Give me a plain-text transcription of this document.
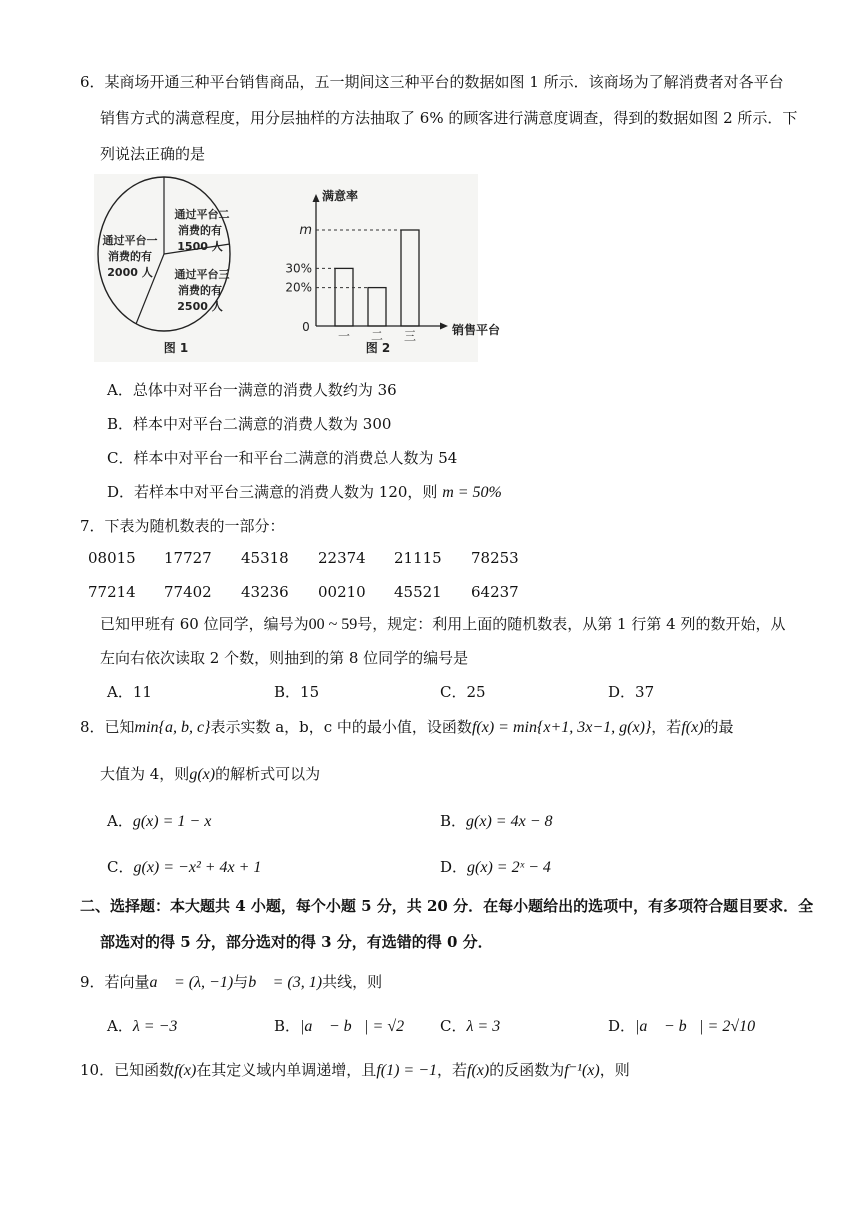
6．某商场开通三种平台销售商品，五一期间这三种平台的数据如图 1 所示．该商场为了解消费者对各平台
销售方式的满意程度，用分层抽样的方法抽取了 6% 的顾客进行满意度调查，得到的数据如图 2 所示．下
列说法正确的是
通过平台二
消费的有
1500 人
通过平台一
消费的有
2000 人 通过平台三
消费的有
2500 人
图 1
满意率
销售平台
0
30%
一
20%
二
m
三
图 2
A．总体中对平台一满意的消费人数约为 36
B．样本中对平台二满意的消费人数为 300
C．样本中对平台一和平台二满意的消费总人数为 54
D．若样本中对平台三满意的消费人数为 120，则 m = 50%
7．下表为随机数表的一部分：
08015 17727 45318 22374 21115 78253
77214 77402 43236 00210 45521 64237
已知甲班有 60 位同学，编号为00 ~ 59号，规定：利用上面的随机数表，从第 1 行第 4 列的数开始，从
左向右依次读取 2 个数，则抽到的第 8 位同学的编号是
A．11	B．15	C．25	D．37
8．已知min{a, b, c}表示实数 a，b，c 中的最小值，设函数f(x) = min{x+1, 3x−1, g(x)}，若f(x)的最
大值为 4，则g(x)的解析式可以为
A．g(x) = 1 − x	B．g(x) = 4x − 8
C．g(x) = −x² + 4x + 1	D．g(x) = 2ˣ − 4
二、选择题：本大题共 4 小题，每个小题 5 分，共 20 分．在每小题给出的选项中，有多项符合题目要求．全
部选对的得 5 分，部分选对的得 3 分，有选错的得 0 分．
9．若向量a⃗ = (λ, −1)与b⃗ = (3, 1)共线，则
A．λ = −3	B．|a⃗ − b⃗| = √2 C．λ = 3	D．|a⃗ − b⃗| = 2√10
10．已知函数f(x)在其定义域内单调递增，且f(1) = −1，若f(x)的反函数为f⁻¹(x)，则
